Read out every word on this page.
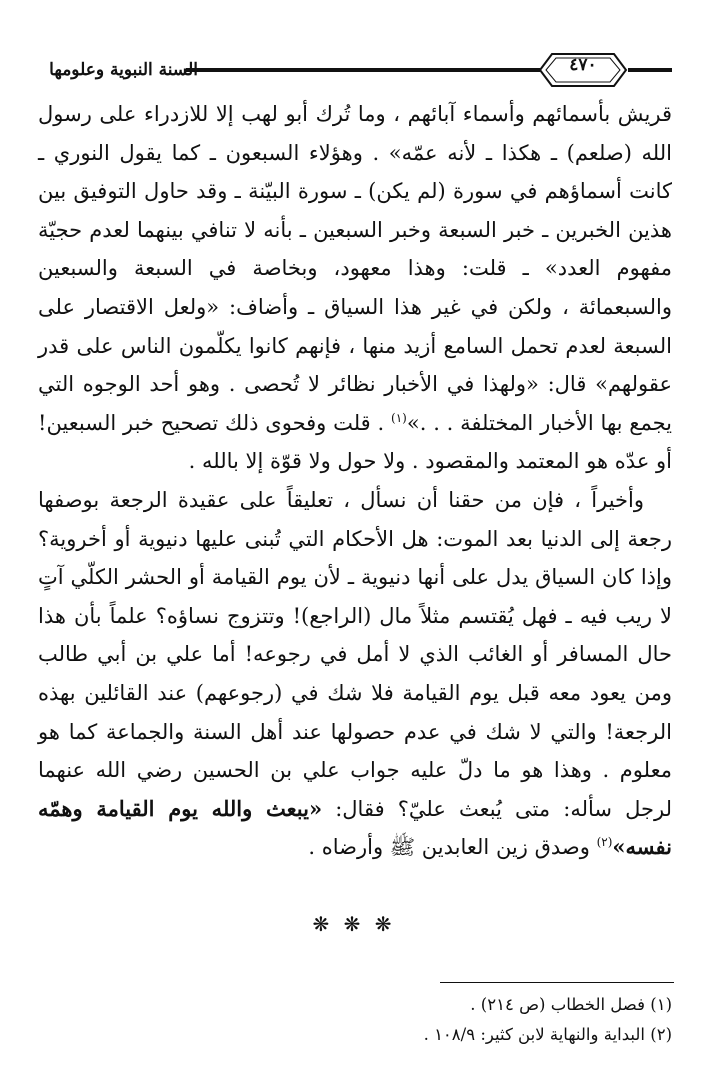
السنة النبوية وعلومها	٤٧٠

قريش بأسمائهم وأسماء آبائهم ، وما تُرك أبو لهب إلا للازدراء على رسول الله (صلعم) ـ هكذا ـ لأنه عمّه» . وهؤلاء السبعون ـ كما يقول النوري ـ كانت أسماؤهم في سورة (لم يكن) ـ سورة البيّنة ـ وقد حاول التوفيق بين هذين الخبرين ـ خبر السبعة وخبر السبعين ـ بأنه لا تنافي بينهما لعدم حجيّة مفهوم العدد» ـ قلت: وهذا معهود، وبخاصة في السبعة والسبعين والسبعمائة ، ولكن في غير هذا السياق ـ وأضاف: «ولعل الاقتصار على السبعة لعدم تحمل السامع أزيد منها ، فإنهم كانوا يكلّمون الناس على قدر عقولهم» قال: «ولهذا في الأخبار نظائر لا تُحصى . وهو أحد الوجوه التي يجمع بها الأخبار المختلفة . . .»$^{(١)}$ . قلت وفحوى ذلك تصحيح خبر السبعين! أو عدّه هو المعتمد والمقصود . ولا حول ولا قوّة إلا بالله .

وأخيراً ، فإن من حقنا أن نسأل ، تعليقاً على عقيدة الرجعة بوصفها رجعة إلى الدنيا بعد الموت: هل الأحكام التي تُبنى عليها دنيوية أو أخروية؟ وإذا كان السياق يدل على أنها دنيوية ـ لأن يوم القيامة أو الحشر الكلّي آتٍ لا ريب فيه ـ فهل يُقتسم مثلاً مال (الراجع)! وتتزوج نساؤه؟ علماً بأن هذا حال المسافر أو الغائب الذي لا أمل في رجوعه! أما علي بن أبي طالب ومن يعود معه قبل يوم القيامة فلا شك في (رجوعهم) عند القائلين بهذه الرجعة! والتي لا شك في عدم حصولها عند أهل السنة والجماعة كما هو معلوم . وهذا هو ما دلّ عليه جواب علي بن الحسين رضي الله عنهما لرجل سأله: متى يُبعث عليّ؟ فقال: «يبعث والله يوم القيامة وهمّه نفسه»$^{(٢)}$ وصدق زين العابدين ﷺ وأرضاه .

❋ ❋ ❋
(١) فصل الخطاب (ص ٢١٤) .
(٢) البداية والنهاية لابن كثير: ١٠٨/٩ .
